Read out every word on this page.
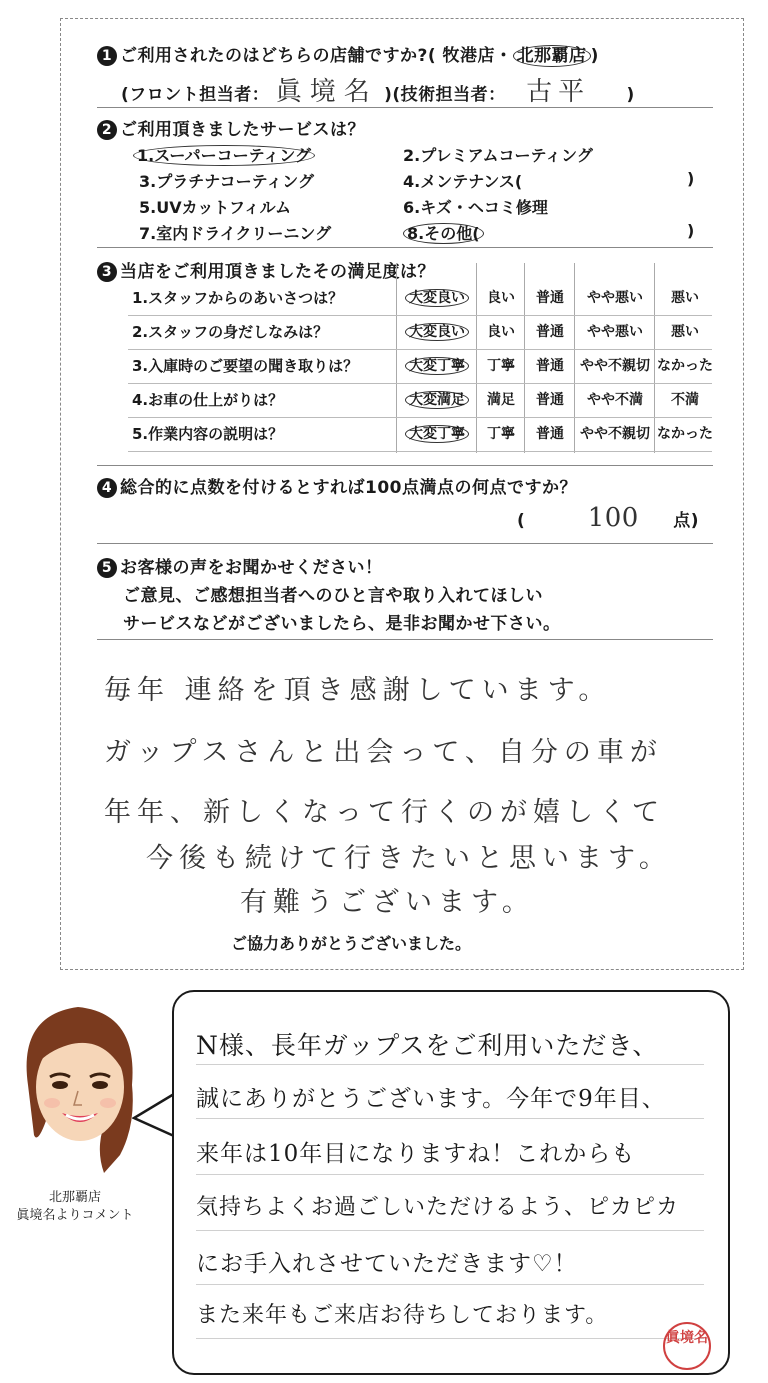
1 ご利用されたのはどちらの店舗ですか?( 牧港店・ 北那覇店 )
(フロント担当者： 眞境名 )(技術担当者： 古平 )
2 ご利用頂きましたサービスは？
1.スーパーコーティング	2.プレミアムコーティング
3.プラチナコーティング	4.メンテナンス(	)
5.UVカットフィルム	6.キズ・ヘコミ修理
7.室内ドライクリーニング	8.その他(	)
3 当店をご利用頂きましたその満足度は？
4 総合的に点数を付けるとすれば100点満点の何点ですか？
( 100 点)
5 お客様の声をお聞かせください！
ご意見、ご感想担当者へのひと言や取り入れてほしい
サービスなどがございましたら、是非お聞かせ下さい。
ご協力ありがとうございました。
1.スタッフからのあいさつは？	大変良い	良い	普通	やや悪い	悪い
2.スタッフの身だしなみは？	大変良い	良い	普通	やや悪い	悪い
3.入庫時のご要望の聞き取りは？	大変丁寧	丁寧	普通	やや不親切 なかった
4.お車の仕上がりは？	大変満足	満足	普通	やや不満	不満
5.作業内容の説明は？	大変丁寧	丁寧	普通	やや不親切 なかった
毎年 連絡を頂き感謝しています。
ガップスさんと出会って、自分の車が
年年、新しくなって行くのが嬉しくて
今後も続けて行きたいと思います。
有難うございます。
北那覇店
眞境名よりコメント
N様、長年ガップスをご利用いただき、
誠にありがとうございます。今年で9年目、
来年は10年目になりますね！これからも
気持ちよくお過ごしいただけるよう、ピカピカ
にお手入れさせていただきます♡！
また来年もご来店お待ちしております。
眞境名
